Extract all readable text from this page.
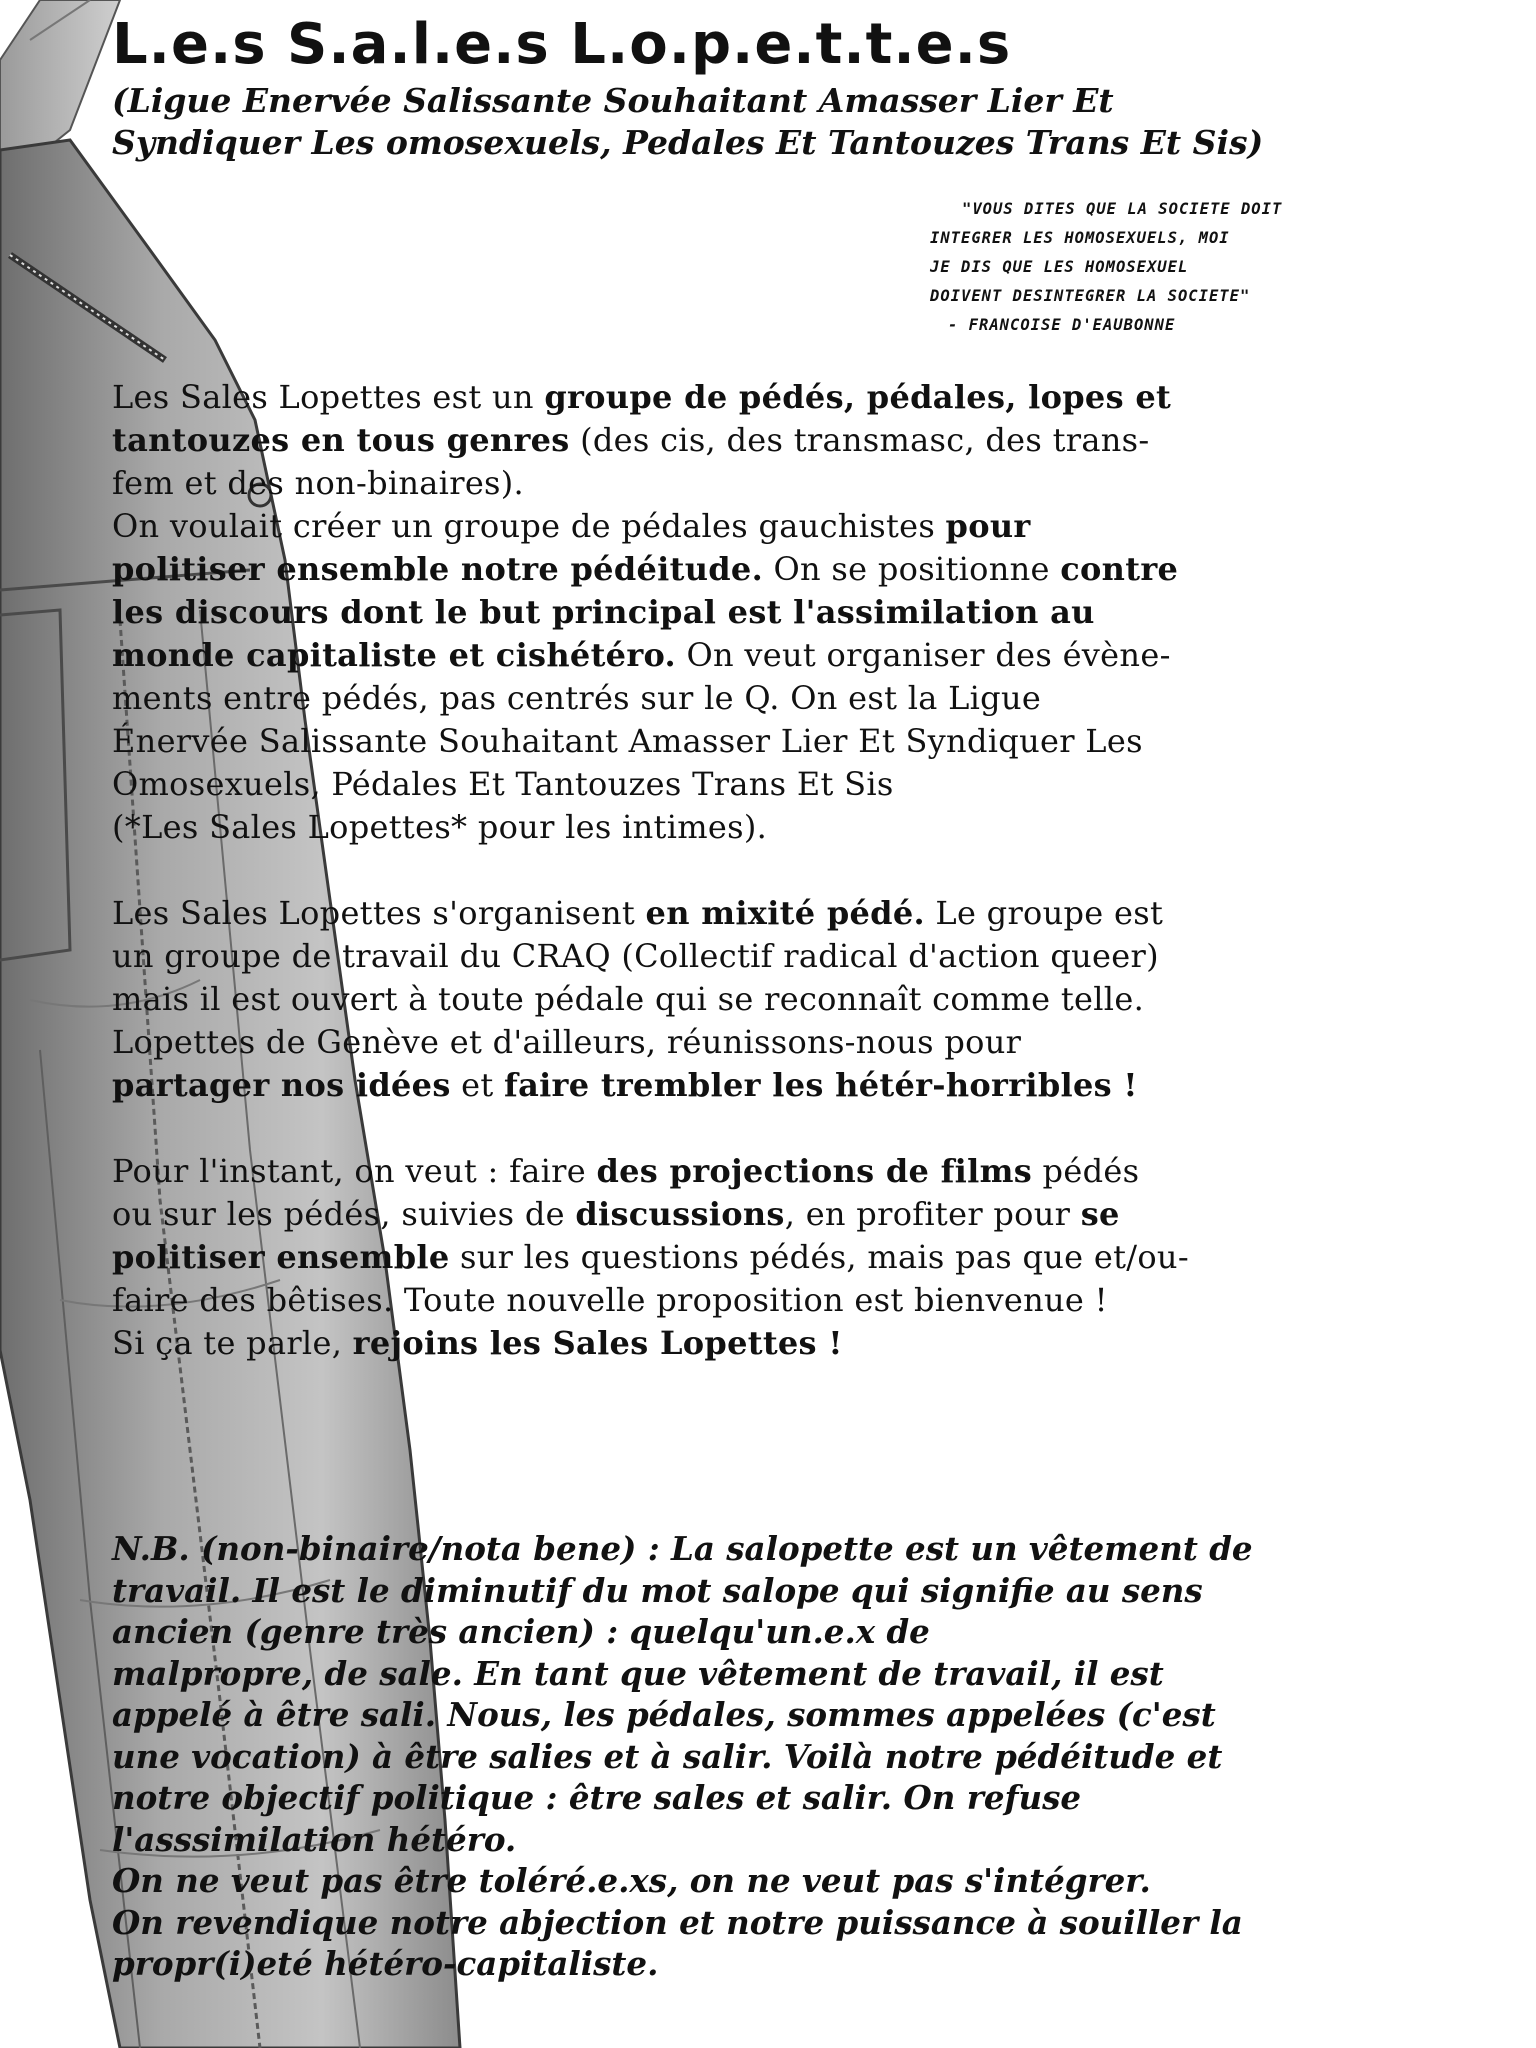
L.e.s S.a.l.e.s L.o.p.e.t.t.e.s
(Ligue Enervée Salissante Souhaitant Amasser Lier Et
Syndiquer Les omosexuels, Pedales Et Tantouzes Trans Et Sis)
"VOUS DITES QUE LA SOCIETE DOIT
INTEGRER LES HOMOSEXUELS, MOI
JE DIS QUE LES HOMOSEXUEL
DOIVENT DESINTEGRER LA SOCIETE"
- FRANCOISE D'EAUBONNE
Les Sales Lopettes est un groupe de pédés, pédales, lopes et
tantouzes en tous genres (des cis, des transmasc, des trans-
fem et des non-binaires).
On voulait créer un groupe de pédales gauchistes pour
politiser ensemble notre pédéitude. On se positionne contre
les discours dont le but principal est l'assimilation au
monde capitaliste et cishétéro. On veut organiser des évène-
ments entre pédés, pas centrés sur le Q. On est la Ligue
Énervée Salissante Souhaitant Amasser Lier Et Syndiquer Les
Omosexuels, Pédales Et Tantouzes Trans Et Sis
(*Les Sales Lopettes* pour les intimes).
Les Sales Lopettes s'organisent en mixité pédé. Le groupe est
un groupe de travail du CRAQ (Collectif radical d'action queer)
mais il est ouvert à toute pédale qui se reconnaît comme telle.
Lopettes de Genève et d'ailleurs, réunissons-nous pour
partager nos idées et faire trembler les hétér-horribles !
Pour l'instant, on veut : faire des projections de films pédés
ou sur les pédés, suivies de discussions, en profiter pour se
politiser ensemble sur les questions pédés, mais pas que et/ou-
faire des bêtises. Toute nouvelle proposition est bienvenue !
Si ça te parle, rejoins les Sales Lopettes !
N.B. (non-binaire/nota bene) : La salopette est un vêtement de
travail. Il est le diminutif du mot salope qui signifie au sens
ancien (genre très ancien) : quelqu'un.e.x de
malpropre, de sale. En tant que vêtement de travail, il est
appelé à être sali. Nous, les pédales, sommes appelées (c'est
une vocation) à être salies et à salir. Voilà notre pédéitude et
notre objectif politique : être sales et salir. On refuse
l'asssimilation hétéro.
On ne veut pas être toléré.e.xs, on ne veut pas s'intégrer.
On revendique notre abjection et notre puissance à souiller la
propr(i)eté hétéro-capitaliste.
